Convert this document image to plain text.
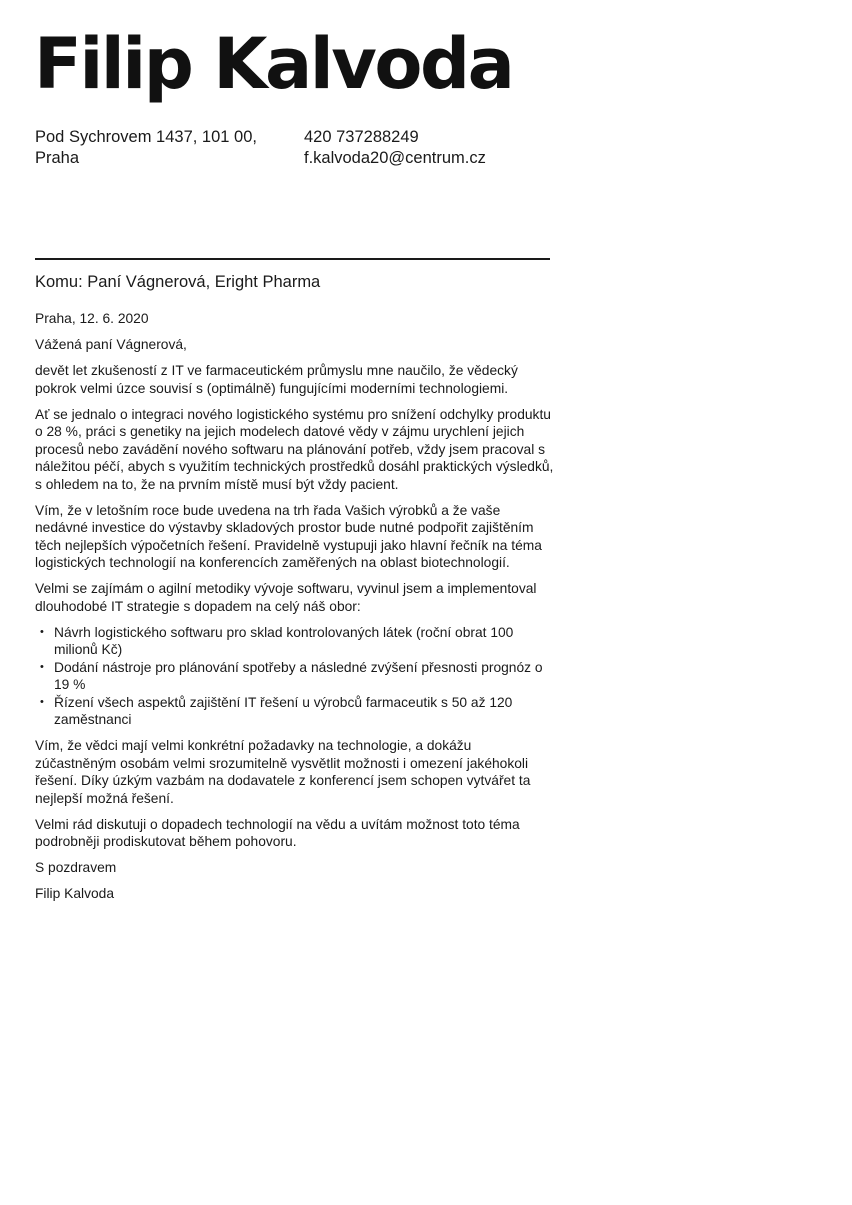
Filip Kalvoda
Pod Sychrovem 1437, 101 00,
Praha
420 737288249
f.kalvoda20@centrum.cz
Komu: Paní Vágnerová, Eright Pharma

Praha, 12. 6. 2020

Vážená paní Vágnerová,

devět let zkušeností z IT ve farmaceutickém průmyslu mne naučilo, že vědecký pokrok velmi úzce souvisí s (optimálně) fungujícími moderními technologiemi.

Ať se jednalo o integraci nového logistického systému pro snížení odchylky produktu o 28 %, práci s genetiky na jejich modelech datové vědy v zájmu urychlení jejich procesů nebo zavádění nového softwaru na plánování potřeb, vždy jsem pracoval s náležitou péčí, abych s využitím technických prostředků dosáhl praktických výsledků, s ohledem na to, že na prvním místě musí být vždy pacient.

Vím, že v letošním roce bude uvedena na trh řada Vašich výrobků a že vaše nedávné investice do výstavby skladových prostor bude nutné podpořit zajištěním těch nejlepších výpočetních řešení. Pravidelně vystupuji jako hlavní řečník na téma logistických technologií na konferencích zaměřených na oblast biotechnologií.

Velmi se zajímám o agilní metodiky vývoje softwaru, vyvinul jsem a implementoval dlouhodobé IT strategie s dopadem na celý náš obor:

• Návrh logistického softwaru pro sklad kontrolovaných látek (roční obrat 100 milionů Kč)
• Dodání nástroje pro plánování spotřeby a následné zvýšení přesnosti prognóz o 19 %
• Řízení všech aspektů zajištění IT řešení u výrobců farmaceutik s 50 až 120 zaměstnanci

Vím, že vědci mají velmi konkrétní požadavky na technologie, a dokážu zúčastněným osobám velmi srozumitelně vysvětlit možnosti i omezení jakéhokoli řešení. Díky úzkým vazbám na dodavatele z konferencí jsem schopen vytvářet ta nejlepší možná řešení.

Velmi rád diskutuji o dopadech technologií na vědu a uvítám možnost toto téma podrobněji prodiskutovat během pohovoru.

S pozdravem

Filip Kalvoda
